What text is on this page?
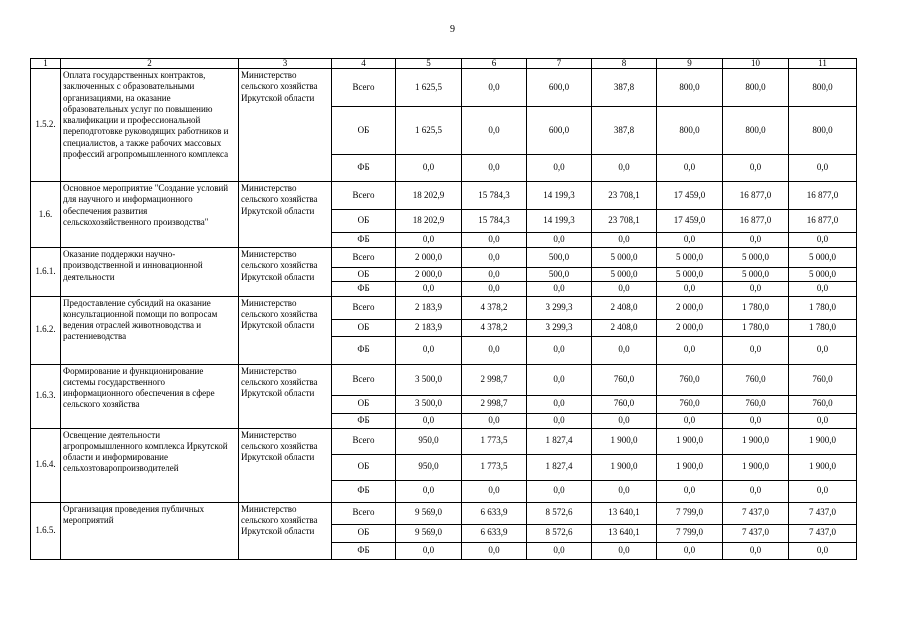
9
1	2	3	4	5	6	7	8	9	10	11
1.5.2.	Оплата государственных контрактов, заключенных с образовательными организациями, на оказание образовательных услуг по повышению квалификации и профессиональной переподготовке руководящих работников и специалистов, а также рабочих массовых профессий агропромышленного комплекса	Министерство сельского хозяйства Иркутской области	Всего	1 625,5	0,0	600,0	387,8	800,0	800,0	800,0
			ОБ	1 625,5	0,0	600,0	387,8	800,0	800,0	800,0
			ФБ	0,0	0,0	0,0	0,0	0,0	0,0	0,0
1.6.	Основное мероприятие "Создание условий для научного и информационного обеспечения развития сельскохозяйственного производства"	Министерство сельского хозяйства Иркутской области	Всего	18 202,9	15 784,3	14 199,3	23 708,1	17 459,0	16 877,0	16 877,0
			ОБ	18 202,9	15 784,3	14 199,3	23 708,1	17 459,0	16 877,0	16 877,0
			ФБ	0,0	0,0	0,0	0,0	0,0	0,0	0,0
1.6.1.	Оказание поддержки научно-производственной и инновационной деятельности	Министерство сельского хозяйства Иркутской области	Всего	2 000,0	0,0	500,0	5 000,0	5 000,0	5 000,0	5 000,0
			ОБ	2 000,0	0,0	500,0	5 000,0	5 000,0	5 000,0	5 000,0
			ФБ	0,0	0,0	0,0	0,0	0,0	0,0	0,0
1.6.2.	Предоставление субсидий на оказание консультационной помощи по вопросам ведения отраслей животноводства и растениеводства	Министерство сельского хозяйства Иркутской области	Всего	2 183,9	4 378,2	3 299,3	2 408,0	2 000,0	1 780,0	1 780,0
			ОБ	2 183,9	4 378,2	3 299,3	2 408,0	2 000,0	1 780,0	1 780,0
			ФБ	0,0	0,0	0,0	0,0	0,0	0,0	0,0
1.6.3.	Формирование и функционирование системы государственного информационного обеспечения в сфере сельского хозяйства	Министерство сельского хозяйства Иркутской области	Всего	3 500,0	2 998,7	0,0	760,0	760,0	760,0	760,0
			ОБ	3 500,0	2 998,7	0,0	760,0	760,0	760,0	760,0
			ФБ	0,0	0,0	0,0	0,0	0,0	0,0	0,0
1.6.4.	Освещение деятельности агропромышленного комплекса Иркутской области и информирование сельхозтоваропроизводителей	Министерство сельского хозяйства Иркутской области	Всего	950,0	1 773,5	1 827,4	1 900,0	1 900,0	1 900,0	1 900,0
			ОБ	950,0	1 773,5	1 827,4	1 900,0	1 900,0	1 900,0	1 900,0
			ФБ	0,0	0,0	0,0	0,0	0,0	0,0	0,0
1.6.5.	Организация проведения публичных мероприятий	Министерство сельского хозяйства Иркутской области	Всего	9 569,0	6 633,9	8 572,6	13 640,1	7 799,0	7 437,0	7 437,0
			ОБ	9 569,0	6 633,9	8 572,6	13 640,1	7 799,0	7 437,0	7 437,0
			ФБ	0,0	0,0	0,0	0,0	0,0	0,0	0,0
